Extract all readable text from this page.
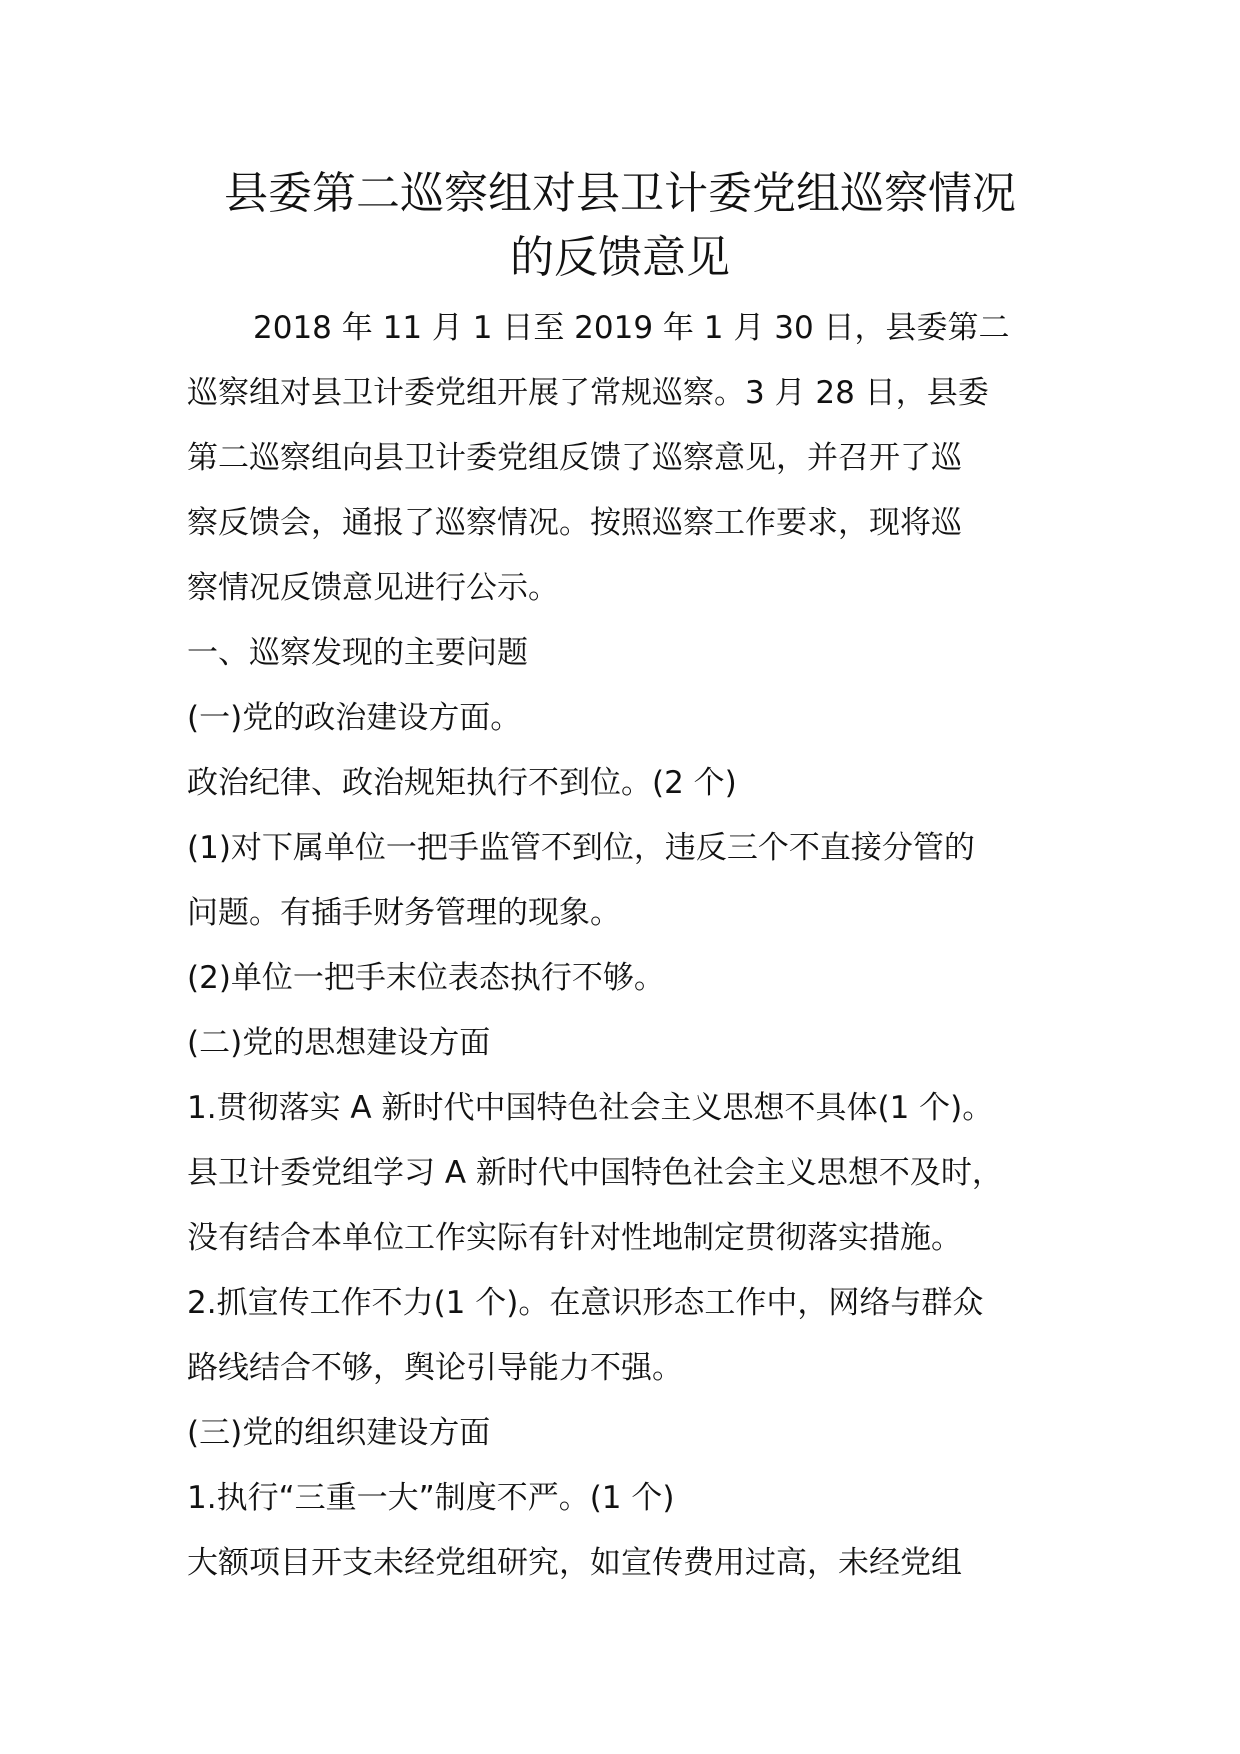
县委第二巡察组对县卫计委党组巡察情况
的反馈意见
2018 年 11 月 1 日至 2019 年 1 月 30 日，县委第二
巡察组对县卫计委党组开展了常规巡察。3 月 28 日，县委
第二巡察组向县卫计委党组反馈了巡察意见，并召开了巡
察反馈会，通报了巡察情况。按照巡察工作要求，现将巡
察情况反馈意见进行公示。
一、巡察发现的主要问题
(一)党的政治建设方面。
政治纪律、政治规矩执行不到位。(2 个)
(1)对下属单位一把手监管不到位，违反三个不直接分管的
问题。有插手财务管理的现象。
(2)单位一把手末位表态执行不够。
(二)党的思想建设方面
1.贯彻落实 A 新时代中国特色社会主义思想不具体(1 个)。
县卫计委党组学习 A 新时代中国特色社会主义思想不及时，
没有结合本单位工作实际有针对性地制定贯彻落实措施。
2.抓宣传工作不力(1 个)。在意识形态工作中，网络与群众
路线结合不够，舆论引导能力不强。
(三)党的组织建设方面
1.执行“三重一大”制度不严。(1 个)
大额项目开支未经党组研究，如宣传费用过高，未经党组
